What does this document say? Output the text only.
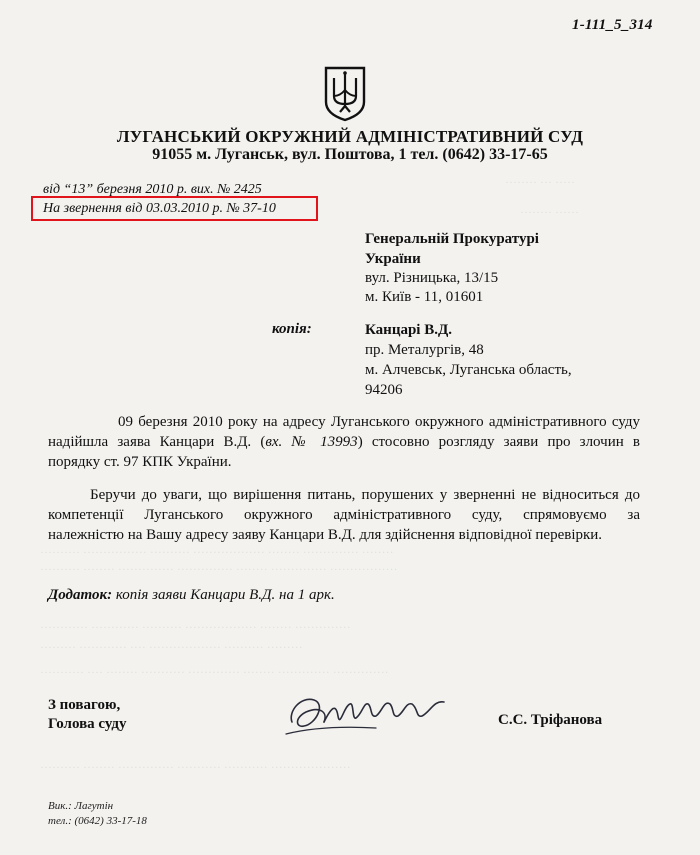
········ ··· ·····
········ ······
·········· ················ ·········· ·················· ········ ·············· ········
·········· ········ ·············· ·············· ········ ·············· ·················
············ ············ ·········· ·················· ········ ··············
········· ············ ···· ·················· ·········· ·········
··········· ···· ········ ··········· ············· ········ ············· ··············
·········· ········ ·············· ··········· ··········· ····················
1-111_5_314
ЛУГАНСЬКИЙ ОКРУЖНИЙ АДМІНІСТРАТИВНИЙ СУД
91055 м. Луганськ, вул. Поштова, 1 тел. (0642) 33-17-65
від “13” березня 2010 р. вих. № 2425
На звернення від 03.03.2010 р. № 37-10
Генеральній Прокуратурі
України
вул. Різницька, 13/15
м. Київ - 11, 01601
копія:	Канцарі В.Д.
пр. Металургів, 48
м. Алчевськ, Луганська область,
94206
09 березня 2010 року на адресу Луганського окружного адміністративного суду
надійшла заява Канцари В.Д. (вх. № 13993) стосовно розгляду заяви про злочин в
порядку ст. 97 КПК України.
Беручи до уваги, що вирішення питань, порушених у зверненні не відноситься до
компетенції Луганського окружного адміністративного суду, спрямовуємо за
належністю на Вашу адресу заяву Канцари В.Д. для здійснення відповідної перевірки.
Додаток: копія заяви Канцари В.Д. на 1 арк.
З повагою,
Голова суду	С.С. Тріфанова
Вик.: Лагутін
тел.: (0642) 33-17-18
